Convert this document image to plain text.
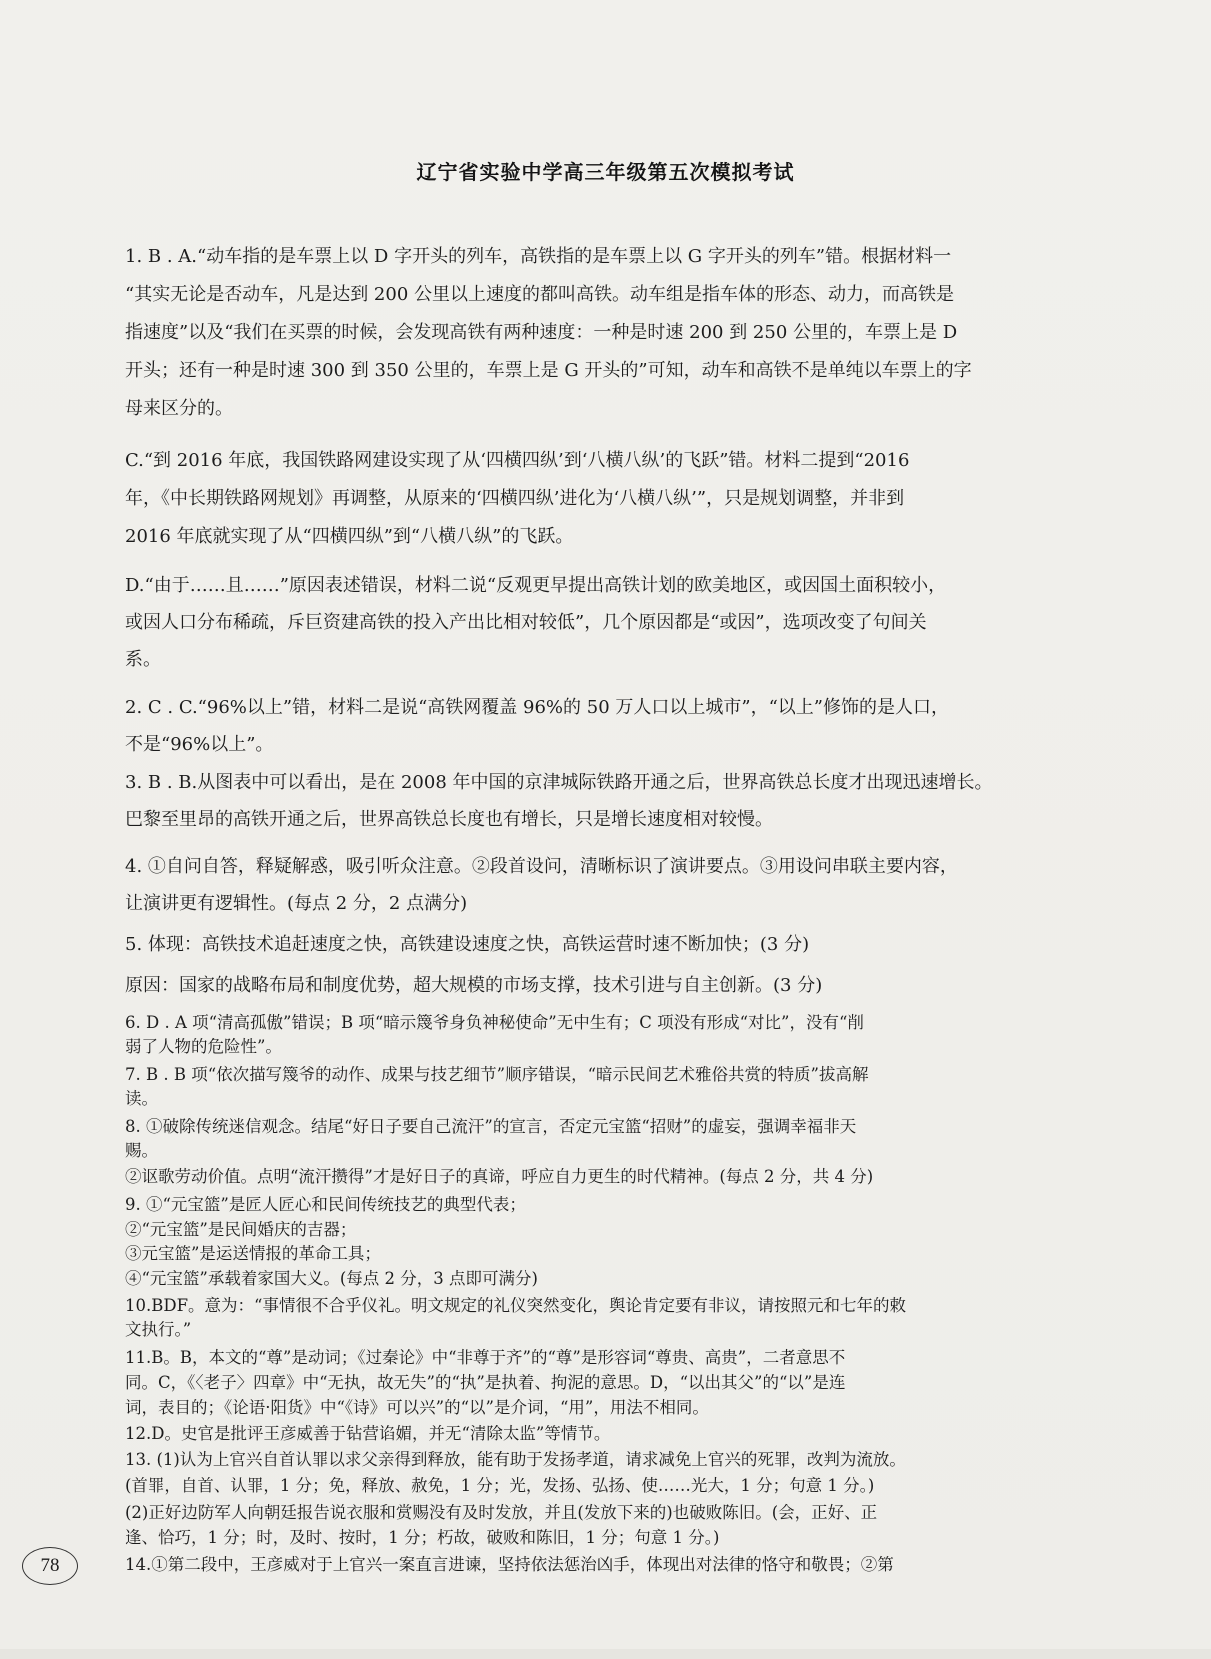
辽宁省实验中学高三年级第五次模拟考试
1. B . A.“动车指的是车票上以 D 字开头的列车，高铁指的是车票上以 G 字开头的列车”错。根据材料一
“其实无论是否动车，凡是达到 200 公里以上速度的都叫高铁。动车组是指车体的形态、动力，而高铁是
指速度”以及“我们在买票的时候，会发现高铁有两种速度：一种是时速 200 到 250 公里的，车票上是 D
开头；还有一种是时速 300 到 350 公里的，车票上是 G 开头的”可知，动车和高铁不是单纯以车票上的字
母来区分的。
C.“到 2016 年底，我国铁路网建设实现了从‘四横四纵’到‘八横八纵’的飞跃”错。材料二提到“2016
年，《中长期铁路网规划》再调整，从原来的‘四横四纵’进化为‘八横八纵’”，只是规划调整，并非到
2016 年底就实现了从“四横四纵”到“八横八纵”的飞跃。
D.“由于……且……”原因表述错误，材料二说“反观更早提出高铁计划的欧美地区，或因国土面积较小，
或因人口分布稀疏，斥巨资建高铁的投入产出比相对较低”，几个原因都是“或因”，选项改变了句间关
系。
2. C . C.“96%以上”错，材料二是说“高铁网覆盖 96%的 50 万人口以上城市”，“以上”修饰的是人口，
不是“96%以上”。
3. B . B.从图表中可以看出，是在 2008 年中国的京津城际铁路开通之后，世界高铁总长度才出现迅速增长。
巴黎至里昂的高铁开通之后，世界高铁总长度也有增长，只是增长速度相对较慢。
4. ①自问自答，释疑解惑，吸引听众注意。②段首设问，清晰标识了演讲要点。③用设问串联主要内容，
让演讲更有逻辑性。(每点 2 分，2 点满分)
5. 体现：高铁技术追赶速度之快，高铁建设速度之快，高铁运营时速不断加快；(3 分)
原因：国家的战略布局和制度优势，超大规模的市场支撑，技术引进与自主创新。(3 分)
6. D . A 项“清高孤傲”错误；B 项“暗示篾爷身负神秘使命”无中生有；C 项没有形成“对比”，没有“削
弱了人物的危险性”。
7. B . B 项“依次描写篾爷的动作、成果与技艺细节”顺序错误，“暗示民间艺术雅俗共赏的特质”拔高解
读。
8. ①破除传统迷信观念。结尾“好日子要自己流汗”的宣言，否定元宝篮“招财”的虚妄，强调幸福非天
赐。
②讴歌劳动价值。点明“流汗攒得”才是好日子的真谛，呼应自力更生的时代精神。(每点 2 分，共 4 分)
9. ①“元宝篮”是匠人匠心和民间传统技艺的典型代表；
②“元宝篮”是民间婚庆的吉器；
③元宝篮”是运送情报的革命工具；
④“元宝篮”承载着家国大义。(每点 2 分，3 点即可满分)
10.BDF。意为：“事情很不合乎仪礼。明文规定的礼仪突然变化，舆论肯定要有非议，请按照元和七年的敕
文执行。”
11.B。B，本文的“尊”是动词；《过秦论》中“非尊于齐”的“尊”是形容词“尊贵、高贵”，二者意思不
同。C，《〈老子〉四章》中“无执，故无失”的“执”是执着、拘泥的意思。D，“以出其父”的“以”是连
词，表目的；《论语·阳货》中“《诗》可以兴”的“以”是介词，“用”，用法不相同。
12.D。史官是批评王彦威善于钻营谄媚，并无“清除太监”等情节。
13. (1)认为上官兴自首认罪以求父亲得到释放，能有助于发扬孝道，请求减免上官兴的死罪，改判为流放。
(首罪，自首、认罪，1 分；免，释放、赦免，1 分；光，发扬、弘扬、使……光大，1 分；句意 1 分。)
(2)正好边防军人向朝廷报告说衣服和赏赐没有及时发放，并且(发放下来的)也破败陈旧。(会，正好、正
逢、恰巧，1 分；时，及时、按时，1 分；朽故，破败和陈旧，1 分；句意 1 分。)
14.①第二段中，王彦威对于上官兴一案直言进谏，坚持依法惩治凶手，体现出对法律的恪守和敬畏；②第
78
